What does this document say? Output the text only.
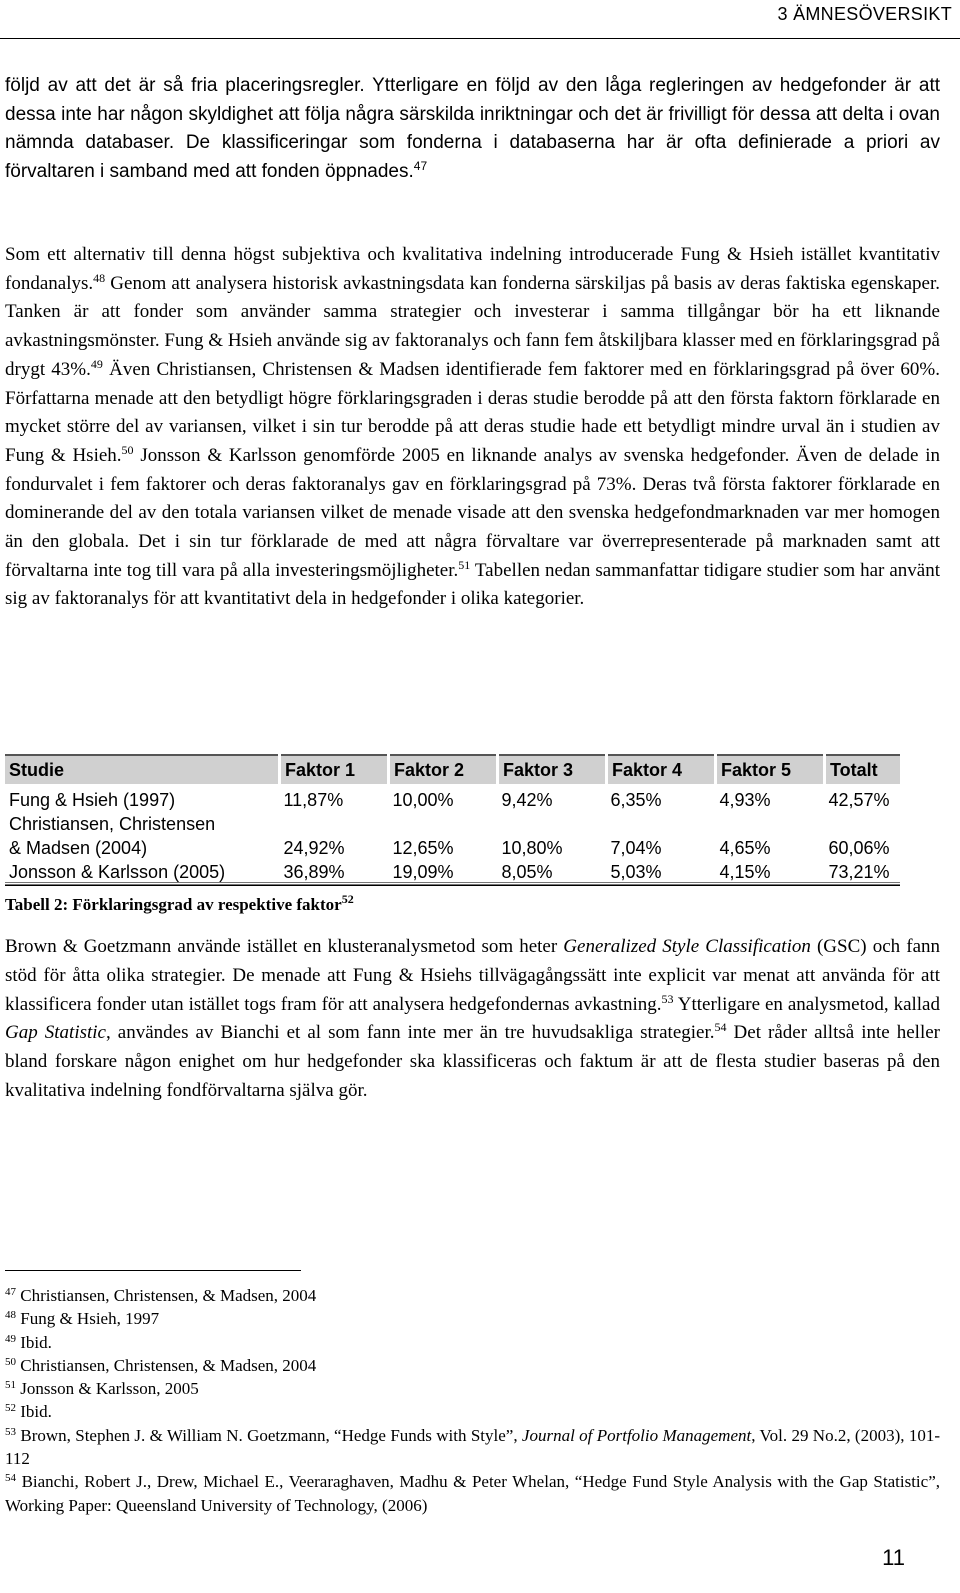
3 ÄMNESÖVERSIKT

följd av att det är så fria placeringsregler. Ytterligare en följd av den låga regleringen av hedgefonder är att dessa inte har någon skyldighet att följa några särskilda inriktningar och det är frivilligt för dessa att delta i ovan nämnda databaser. De klassificeringar som fonderna i databaserna har är ofta definierade a priori av förvaltaren i samband med att fonden öppnades.$^{47}$

Som ett alternativ till denna högst subjektiva och kvalitativa indelning introducerade Fung & Hsieh istället kvantitativ fondanalys.$^{48}$ Genom att analysera historisk avkastningsdata kan fonderna särskiljas på basis av deras faktiska egenskaper. Tanken är att fonder som använder samma strategier och investerar i samma tillgångar bör ha ett liknande avkastningsmönster. Fung & Hsieh använde sig av faktoranalys och fann fem åtskiljbara klasser med en förklaringsgrad på drygt 43%.$^{49}$ Även Christiansen, Christensen & Madsen identifierade fem faktorer med en förklaringsgrad på över 60%. Författarna menade att den betydligt högre förklaringsgraden i deras studie berodde på att den första faktorn förklarade en mycket större del av variansen, vilket i sin tur berodde på att deras studie hade ett betydligt mindre urval än i studien av Fung & Hsieh.$^{50}$ Jonsson & Karlsson genomförde 2005 en liknande analys av svenska hedgefonder. Även de delade in fondurvalet i fem faktorer och deras faktoranalys gav en förklaringsgrad på 73%. Deras två första faktorer förklarade en dominerande del av den totala variansen vilket de menade visade att den svenska hedgefondmarknaden var mer homogen än den globala. Det i sin tur förklarade de med att några förvaltare var överrepresenterade på marknaden samt att förvaltarna inte tog till vara på alla investeringsmöjligheter.$^{51}$ Tabellen nedan sammanfattar tidigare studier som har använt sig av faktoranalys för att kvantitativt dela in hedgefonder i olika kategorier.

Studie	Faktor 1	Faktor 2	Faktor 3	Faktor 4	Faktor 5	Totalt
Fung & Hsieh (1997)	11,87%	10,00%	9,42%	6,35%	4,93%	42,57%

Christiansen, Christensen
& Madsen (2004)	24,92%	12,65%	10,80%	7,04%	4,65%	60,06%
Jonsson & Karlsson (2005)	36,89%	19,09%	8,05%	5,03%	4,15%	73,21%
Tabell 2: Förklaringsgrad av respektive faktor$^{52}$

Brown & Goetzmann använde istället en klusteranalysmetod som heter Generalized Style Classification (GSC) och fann stöd för åtta olika strategier. De menade att Fung & Hsiehs tillvägagångssätt inte explicit var menat att använda för att klassificera fonder utan istället togs fram för att analysera hedgefondernas avkastning.$^{53}$ Ytterligare en analysmetod, kallad Gap Statistic, användes av Bianchi et al som fann inte mer än tre huvudsakliga strategier.$^{54}$ Det råder alltså inte heller bland forskare någon enighet om hur hedgefonder ska klassificeras och faktum är att de flesta studier baseras på den kvalitativa indelning fondförvaltarna själva gör.

$^{47}$ Christiansen, Christensen, & Madsen, 2004
$^{48}$ Fung & Hsieh, 1997
$^{49}$ Ibid.
$^{50}$ Christiansen, Christensen, & Madsen, 2004
$^{51}$ Jonsson & Karlsson, 2005
$^{52}$ Ibid.
$^{53}$ Brown, Stephen J. & William N. Goetzmann, “Hedge Funds with Style”, Journal of Portfolio Management, Vol. 29 No.2, (2003), 101-112
$^{54}$ Bianchi, Robert J., Drew, Michael E., Veeraraghaven, Madhu & Peter Whelan, “Hedge Fund Style Analysis with the Gap Statistic”, Working Paper: Queensland University of Technology, (2006)
11
